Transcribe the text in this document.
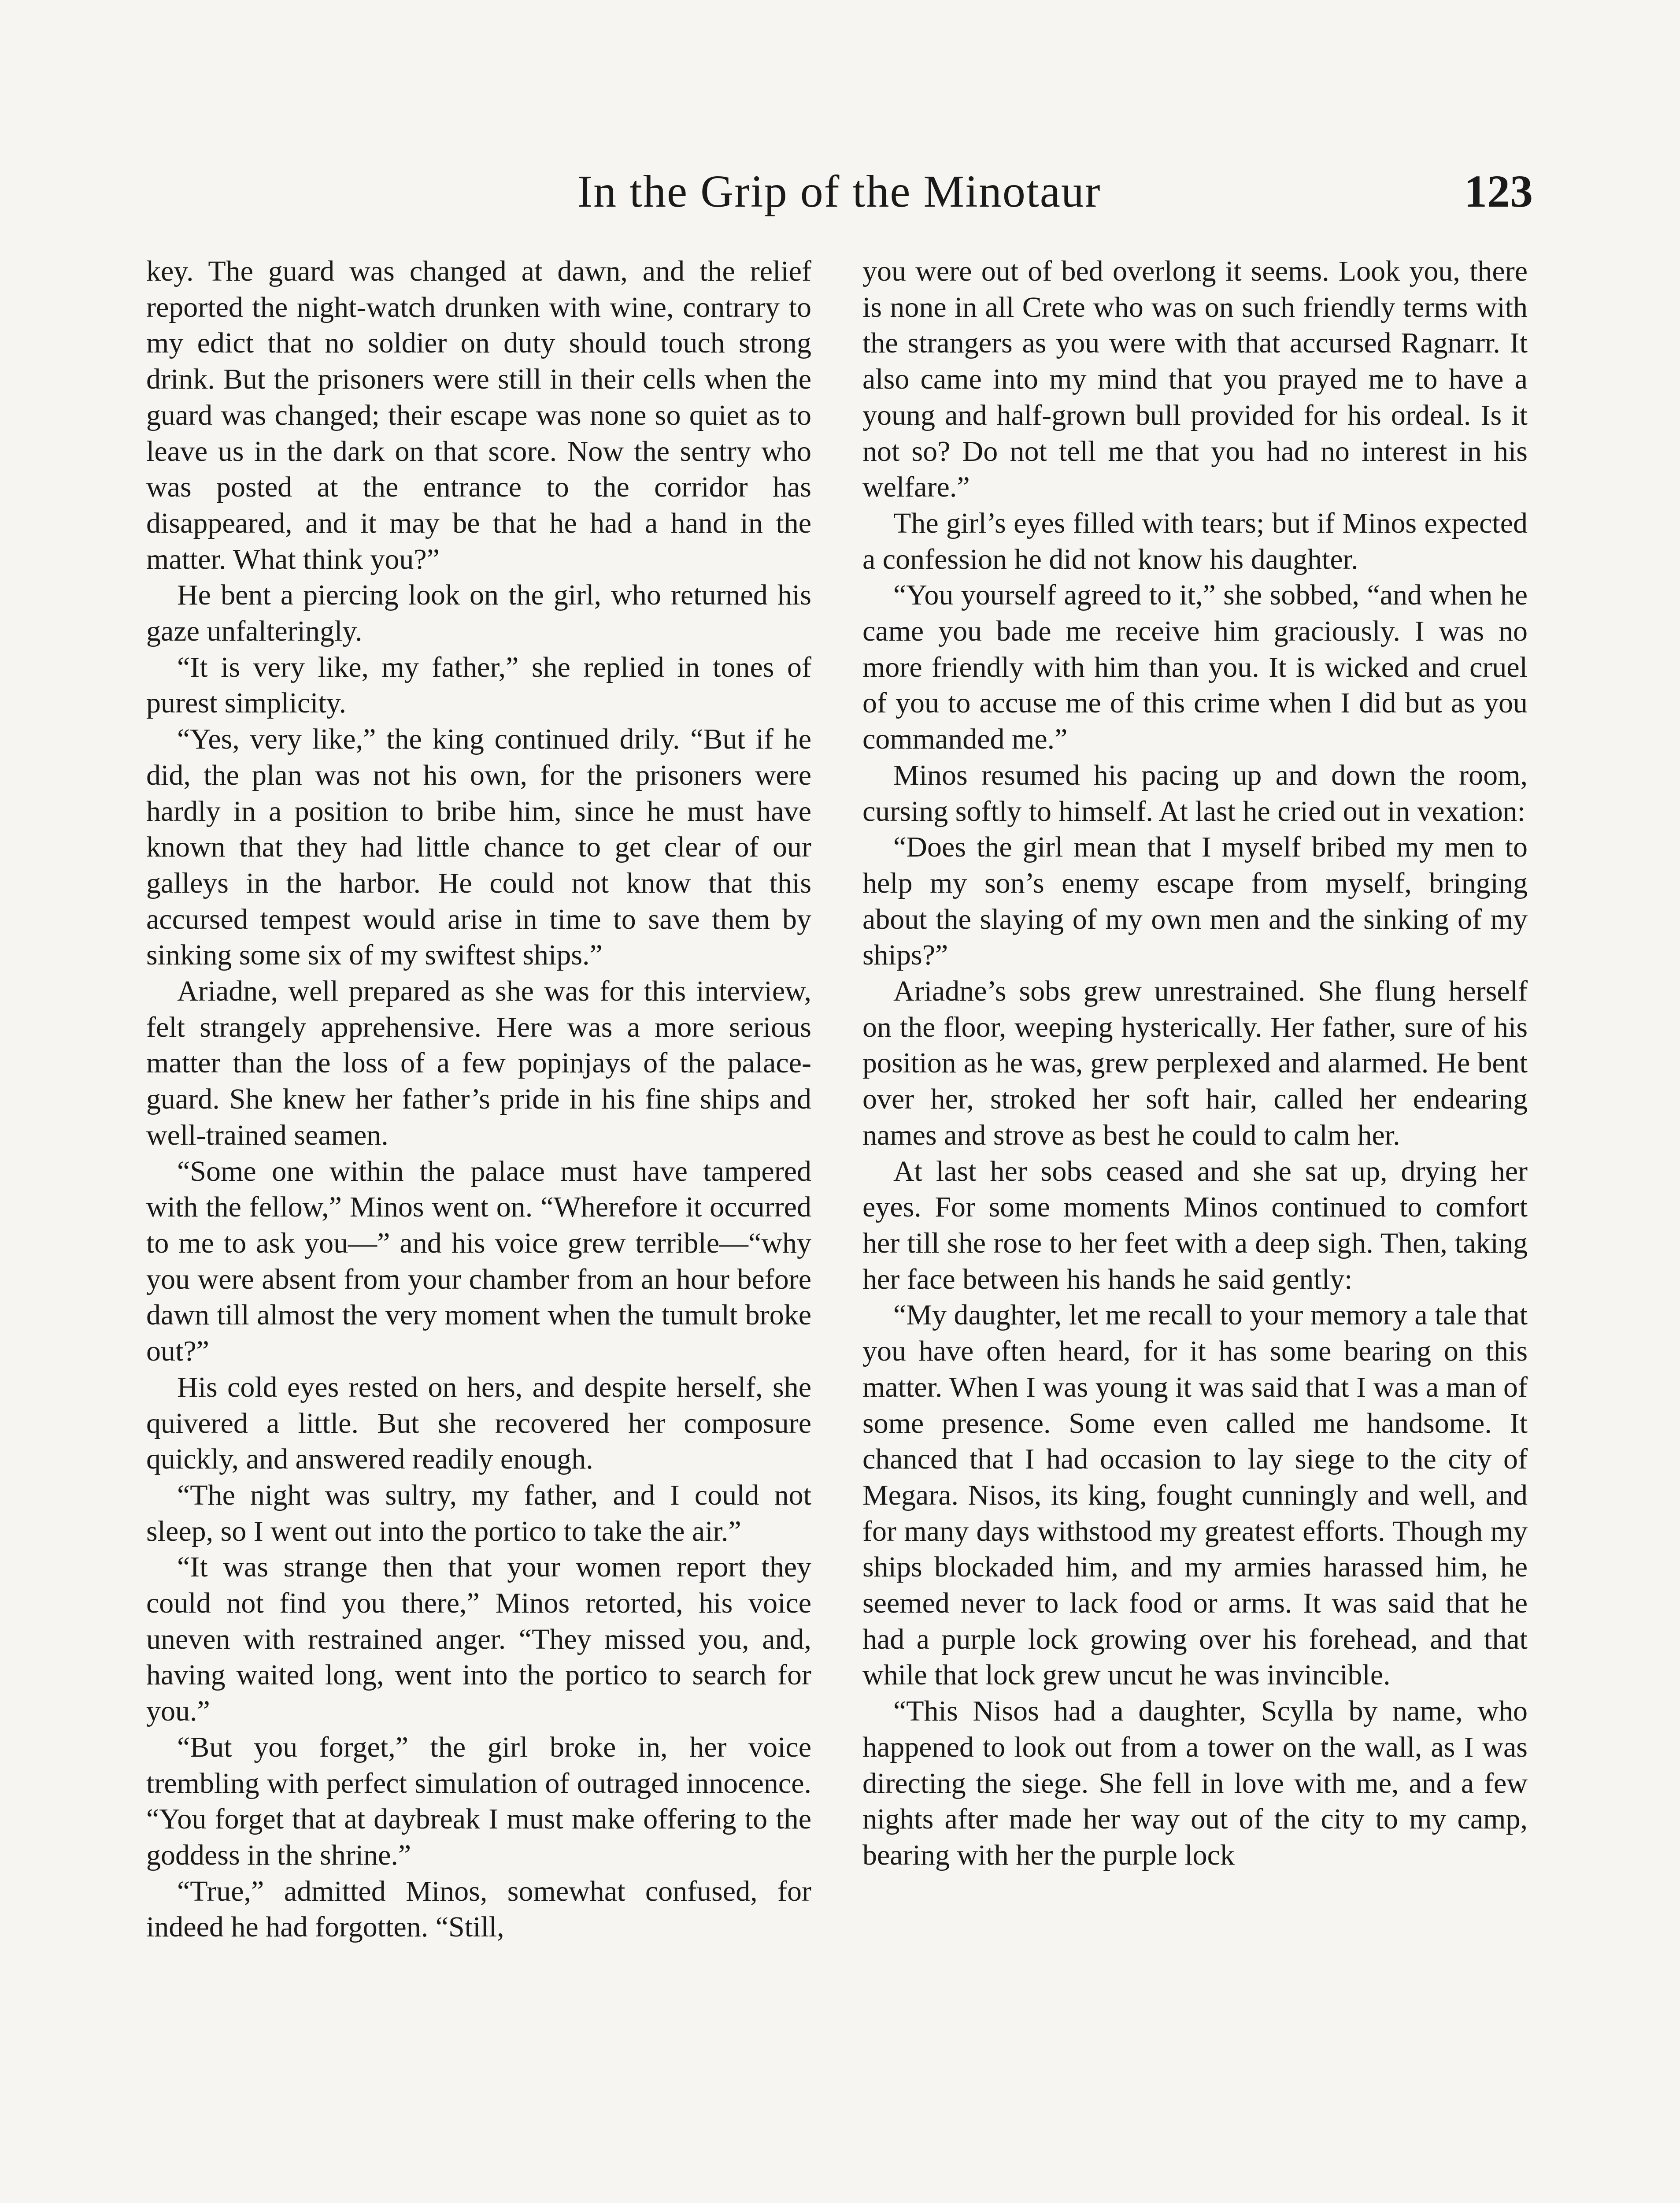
In the Grip of the Minotaur	123

key. The guard was changed at dawn, and the relief reported the night-watch drunken with wine, contrary to my edict that no soldier on duty should touch strong drink. But the prisoners were still in their cells when the guard was changed; their escape was none so quiet as to leave us in the dark on that score. Now the sentry who was posted at the entrance to the corridor has disappeared, and it may be that he had a hand in the matter. What think you?”

He bent a piercing look on the girl, who returned his gaze unfalteringly.

“It is very like, my father,” she replied in tones of purest simplicity.

“Yes, very like,” the king continued drily. “But if he did, the plan was not his own, for the prisoners were hardly in a position to bribe him, since he must have known that they had little chance to get clear of our galleys in the harbor. He could not know that this accursed tempest would arise in time to save them by sinking some six of my swiftest ships.”

Ariadne, well prepared as she was for this interview, felt strangely apprehensive. Here was a more serious matter than the loss of a few popinjays of the palace-guard. She knew her father’s pride in his fine ships and well-trained seamen.

“Some one within the palace must have tampered with the fellow,” Minos went on. “Wherefore it occurred to me to ask you—” and his voice grew terrible—“why you were absent from your chamber from an hour before dawn till almost the very moment when the tumult broke out?”

His cold eyes rested on hers, and despite herself, she quivered a little. But she recovered her composure quickly, and answered readily enough.

“The night was sultry, my father, and I could not sleep, so I went out into the portico to take the air.”

“It was strange then that your women report they could not find you there,” Minos retorted, his voice uneven with restrained anger. “They missed you, and, having waited long, went into the portico to search for you.”

“But you forget,” the girl broke in, her voice trembling with perfect simulation of outraged innocence. “You forget that at daybreak I must make offering to the goddess in the shrine.”

“True,” admitted Minos, somewhat confused, for indeed he had forgotten. “Still,

you were out of bed overlong it seems. Look you, there is none in all Crete who was on such friendly terms with the strangers as you were with that accursed Ragnarr. It also came into my mind that you prayed me to have a young and half-grown bull provided for his ordeal. Is it not so? Do not tell me that you had no interest in his welfare.”

The girl’s eyes filled with tears; but if Minos expected a confession he did not know his daughter.

“You yourself agreed to it,” she sobbed, “and when he came you bade me receive him graciously. I was no more friendly with him than you. It is wicked and cruel of you to accuse me of this crime when I did but as you commanded me.”

Minos resumed his pacing up and down the room, cursing softly to himself. At last he cried out in vexation:

“Does the girl mean that I myself bribed my men to help my son’s enemy escape from myself, bringing about the slaying of my own men and the sinking of my ships?”

Ariadne’s sobs grew unrestrained. She flung herself on the floor, weeping hysterically. Her father, sure of his position as he was, grew perplexed and alarmed. He bent over her, stroked her soft hair, called her endearing names and strove as best he could to calm her.

At last her sobs ceased and she sat up, drying her eyes. For some moments Minos continued to comfort her till she rose to her feet with a deep sigh. Then, taking her face between his hands he said gently:

“My daughter, let me recall to your memory a tale that you have often heard, for it has some bearing on this matter. When I was young it was said that I was a man of some presence. Some even called me handsome. It chanced that I had occasion to lay siege to the city of Megara. Nisos, its king, fought cunningly and well, and for many days withstood my greatest efforts. Though my ships blockaded him, and my armies harassed him, he seemed never to lack food or arms. It was said that he had a purple lock growing over his forehead, and that while that lock grew uncut he was invincible.

“This Nisos had a daughter, Scylla by name, who happened to look out from a tower on the wall, as I was directing the siege. She fell in love with me, and a few nights after made her way out of the city to my camp, bearing with her the purple lock
